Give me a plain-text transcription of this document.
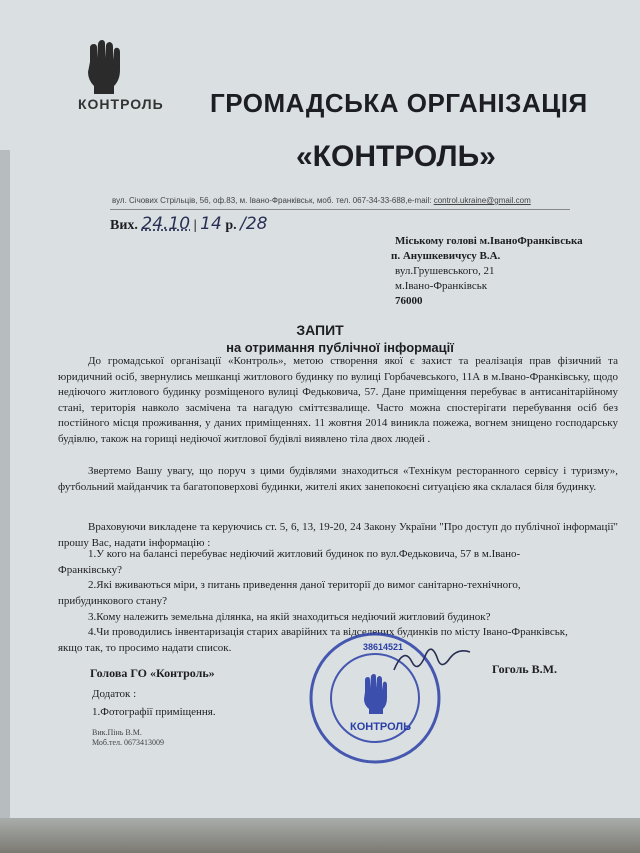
КОНТРОЛЬ ГРОМАДСЬКА ОРГАНІЗАЦІЯ
«КОНТРОЛЬ»
вул. Січових Стрільців, 56, оф.83, м. Івано-Франківськ, моб. тел. 067-34-33-688,e-mail: control.ukraine@gmail.com
Вих. 24.10 | 14 р. /28
Міському голові м.ІваноФранківська
п. Анушкевичусу В.А.
вул.Грушевського, 21
м.Івано-Франківськ
76000
ЗАПИТ
на отримання публічної інформації

До громадської організації «Контроль», метою створення якої є захист та реалізація прав фізичний та юридичний осіб, звернулись мешканці житлового будинку по вулиці Горбачевського, 11А в м.Івано-Франківську, щодо недіючого житлового будинку розміщеного вулиці Федьковича, 57. Дане приміщення перебуває в антисанітарійному стані, територія навколо засмічена та нагадую сміттєзвалище. Часто можна спостерігати перебування осіб без постійного місця проживання, у даних приміщеннях. 11 жовтня 2014 виникла пожежа, вогнем знищено господарську будівлю, також на горищі недіючої житлової будівлі виявлено тіла двох людей .

Звертемо Вашу увагу, що поруч з цими будівлями знаходиться «Технікум ресторанного сервісу і туризму», футбольний майданчик та багатоповерхові будинки, жителі яких занепокоєні ситуацією яка склалася біля будинку.

Враховуючи викладене та керуючись ст. 5, 6, 13, 19-20, 24 Закону України "Про доступ до публічної інформації" прошу Вас, надати інформацію :

1.У кого на балансі перебуває недіючий житловий будинок по вул.Федьковича, 57 в м.Івано-
Франківську?
2.Які вживаються міри, з питань приведення даної території до вимог санітарно-технічного,
прибудинкового стану?
3.Кому належить земельна ділянка, на якій знаходиться недіючий житловий будинок?
4.Чи проводились інвентаризація старих аварійних та відселених будинків по місту Івано-Франківськ,
якщо так, то просимо надати список.	38614521
КОНТРОЛЬ
Голова ГО «Контроль»	Гоголь В.М.
Додаток :
1.Фотографії приміщення.
Вик.Пінь В.М.
Моб.тел. 0673413009
